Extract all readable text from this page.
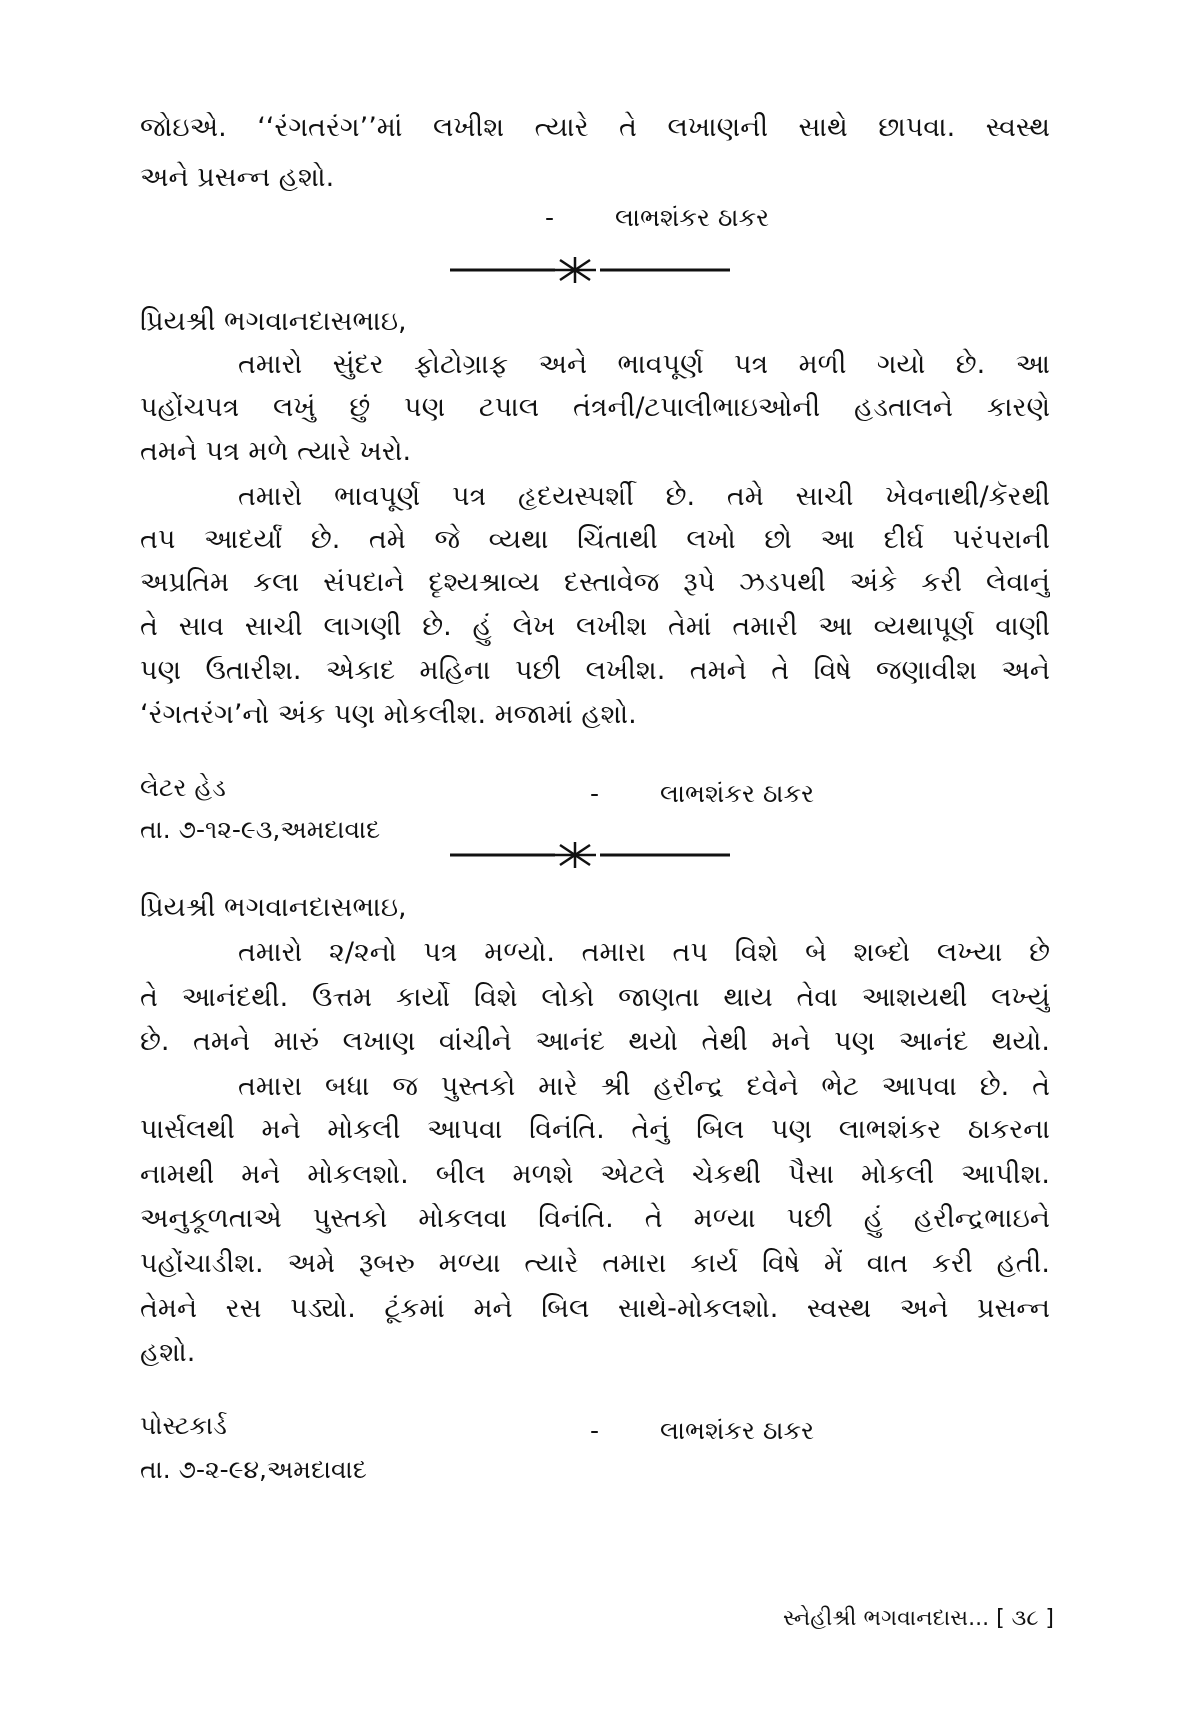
જોઇએ. ‘‘રંગતરંગ’’માં લખીશ ત્યારે તે લખાણની સાથે છાપવા. સ્વસ્થ
અને પ્રસન્ન હશો.
- લાભશંકર ઠાકર
પ્રિયશ્રી ભગવાનદાસભાઇ,
તમારો સુંદર ફોટોગ્રાફ અને ભાવપૂર્ણ પત્ર મળી ગયો છે. આ
પહોંચપત્ર લખું છું પણ ટપાલ તંત્રની/ટપાલીભાઇઓની હડતાલને કારણે
તમને પત્ર મળે ત્યારે ખરો.
તમારો ભાવપૂર્ણ પત્ર હૃદયસ્પર્શી છે. તમે સાચી ખેવનાથી/કૅરથી
તપ આદર્યાં છે. તમે જે વ્યથા ચિંતાથી લખો છો આ દીર્ઘ પરંપરાની
અપ્રતિમ કલા સંપદાને દૃશ્યશ્રાવ્ય દસ્તાવેજ રૂપે ઝડપથી અંકે કરી લેવાનું
તે સાવ સાચી લાગણી છે. હું લેખ લખીશ તેમાં તમારી આ વ્યથાપૂર્ણ વાણી
પણ ઉતારીશ. એકાદ મહિના પછી લખીશ. તમને તે વિષે જણાવીશ અને
‘રંગતરંગ’નો અંક પણ મોકલીશ. મજામાં હશો.
લેટર હેડ	- લાભશંકર ઠાકર
તા. ૭-૧૨-૯૩,અમદાવાદ
પ્રિયશ્રી ભગવાનદાસભાઇ,
તમારો ૨/૨નો પત્ર મળ્યો. તમારા તપ વિશે બે શબ્દો લખ્યા છે
તે આનંદથી. ઉત્તમ કાર્યો વિશે લોકો જાણતા થાય તેવા આશયથી લખ્યું
છે. તમને મારું લખાણ વાંચીને આનંદ થયો તેથી મને પણ આનંદ થયો.
તમારા બધા જ પુસ્તકો મારે શ્રી હરીન્દ્ર દવેને ભેટ આપવા છે. તે
પાર્સલથી મને મોકલી આપવા વિનંતિ. તેનું બિલ પણ લાભશંકર ઠાકરના
નામથી મને મોકલશો. બીલ મળશે એટલે ચેકથી પૈસા મોકલી આપીશ.
અનુકૂળતાએ પુસ્તકો મોકલવા વિનંતિ. તે મળ્યા પછી હું હરીન્દ્રભાઇને
પહોંચાડીશ. અમે રૂબરુ મળ્યા ત્યારે તમારા કાર્ય વિષે મેં વાત કરી હતી.
તેમને રસ પડ્યો. ટૂંકમાં મને બિલ સાથે-મોકલશો. સ્વસ્થ અને પ્રસન્ન
હશો.
પોસ્ટકાર્ડ	- લાભશંકર ઠાકર
તા. ૭-૨-૯૪,અમદાવાદ
સ્નેહીશ્રી ભગવાનદાસ... [ ૩૮ ]
